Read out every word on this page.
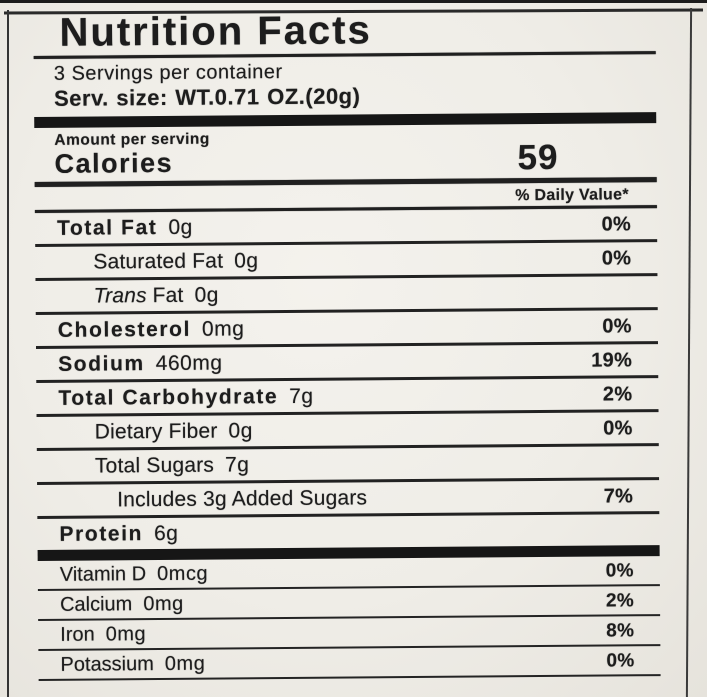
Nutrition Facts
3 Servings per container
Serv. size: WT.0.71 OZ.(20g)
Amount per serving
Calories	59
% Daily Value*
Total Fat 0g	0%
Saturated Fat 0g	0%
Trans Fat 0g
Cholesterol 0mg	0%
Sodium 460mg	19%
Total Carbohydrate 7g	2%
Dietary Fiber 0g	0%
Total Sugars 7g
Includes 3g Added Sugars	7%
Protein 6g
Vitamin D 0mcg	0%
Calcium 0mg	2%
Iron 0mg	8%
Potassium 0mg	0%
